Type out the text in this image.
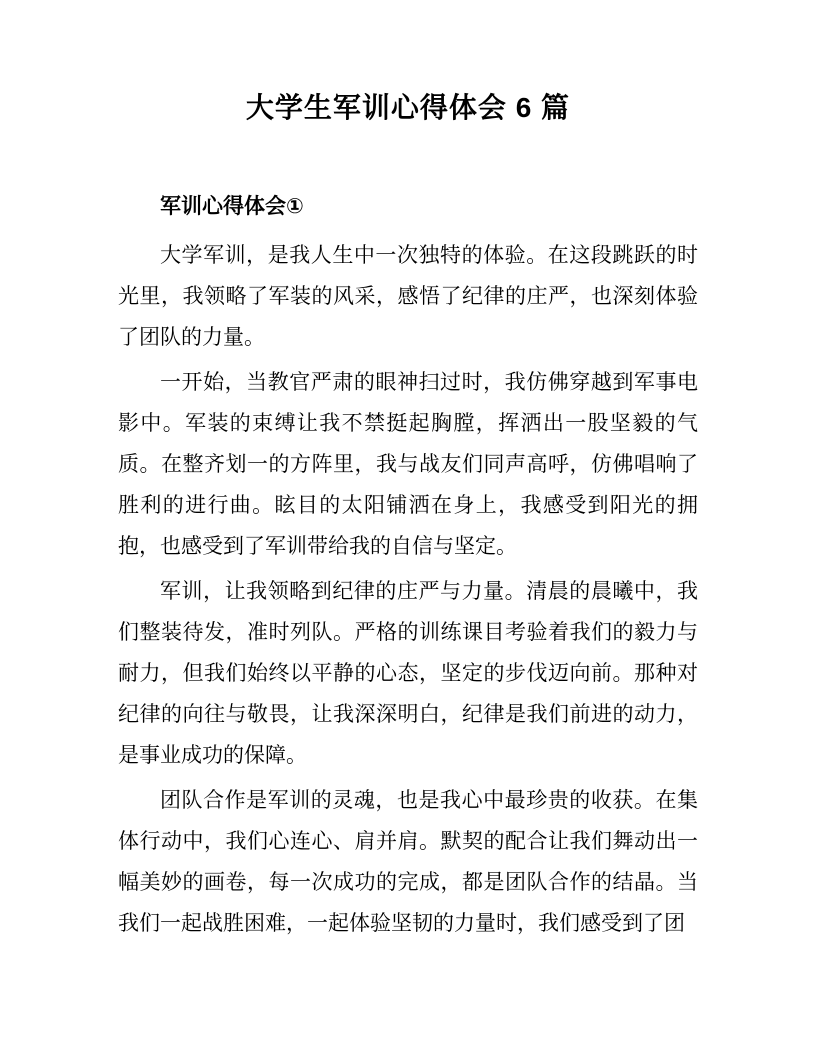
大学生军训心得体会 6 篇
军训心得体会①

大学军训，是我人生中一次独特的体验。在这段跳跃的时光里，我领略了军装的风采，感悟了纪律的庄严，也深刻体验了团队的力量。

一开始，当教官严肃的眼神扫过时，我仿佛穿越到军事电影中。军装的束缚让我不禁挺起胸膛，挥洒出一股坚毅的气质。在整齐划一的方阵里，我与战友们同声高呼，仿佛唱响了胜利的进行曲。眩目的太阳铺洒在身上，我感受到阳光的拥抱，也感受到了军训带给我的自信与坚定。

军训，让我领略到纪律的庄严与力量。清晨的晨曦中，我们整装待发，准时列队。严格的训练课目考验着我们的毅力与耐力，但我们始终以平静的心态，坚定的步伐迈向前。那种对纪律的向往与敬畏，让我深深明白，纪律是我们前进的动力，是事业成功的保障。

团队合作是军训的灵魂，也是我心中最珍贵的收获。在集体行动中，我们心连心、肩并肩。默契的配合让我们舞动出一幅美妙的画卷，每一次成功的完成，都是团队合作的结晶。当我们一起战胜困难，一起体验坚韧的力量时，我们感受到了团
